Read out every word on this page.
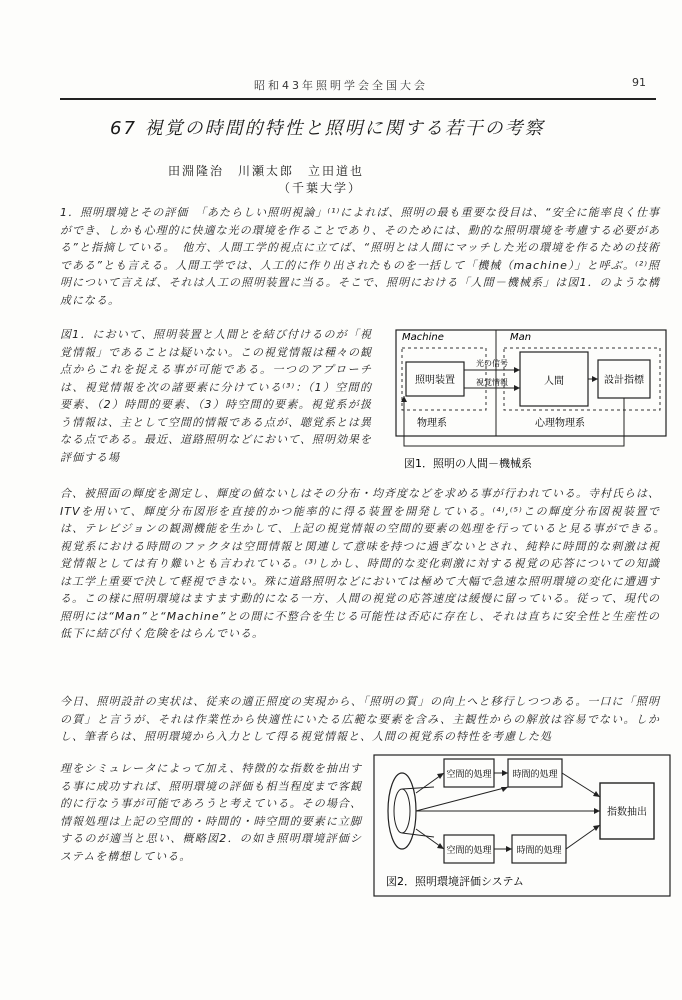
昭和43年照明学会全国大会	91
67 視覚の時間的特性と照明に関する若干の考察
田淵隆治　川瀬太郎　立田道也
（千葉大学）
1．照明環境とその評価　「あたらしい照明視論」⁽¹⁾によれば、照明の最も重要な役目は、“安全に能率良く仕事ができ、しかも心理的に快適な光の環境を作ることであり、そのためには、動的な照明環境を考慮する必要がある”と指摘している。　他方、人間工学的視点に立てば、“照明とは人間にマッチした光の環境を作るための技術である”とも言える。人間工学では、人工的に作り出されたものを一括して「機械（machine）」と呼ぶ。⁽²⁾照明について言えば、それは人工の照明装置に当る。そこで、照明における「人間－機械系」は図1．のような構成になる。
図1．において、照明装置と人間とを結び付けるのが「視覚情報」であることは疑いない。この視覚情報は種々の観点からこれを捉える事が可能である。一つのアプローチは、視覚情報を次の諸要素に分けている⁽³⁾：（1）空間的要素、（2）時間的要素、（3）時空間的要素。視覚系が扱う情報は、主として空間的情報である点が、聴覚系とは異なる点である。最近、道路照明などにおいて、照明効果を評価する場
合、被照面の輝度を測定し、輝度の値ないしはその分布・均斉度などを求める事が行われている。寺村氏らは、ITVを用いて、輝度分布図形を直接的かつ能率的に得る装置を開発している。⁽⁴⁾,⁽⁵⁾この輝度分布図視装置では、テレビジョンの観測機能を生かして、上記の視覚情報の空間的要素の処理を行っていると見る事ができる。　視覚系における時間のファクタは空間情報と関連して意味を持つに過ぎないとされ、純粋に時間的な刺激は視覚情報としては有り難いとも言われている。⁽³⁾しかし、時間的な変化刺激に対する視覚の応答についての知識は工学上重要で決して軽視できない。殊に道路照明などにおいては極めて大幅で急速な照明環境の変化に遭遇する。この様に照明環境はますます動的になる一方、人間の視覚の応答速度は緩慢に留っている。従って、現代の照明には“Man”と“Machine”との間に不整合を生じる可能性は否応に存在し、それは直ちに安全性と生産性の低下に結び付く危険をはらんでいる。
今日、照明設計の実状は、従来の適正照度の実現から、「照明の質」の向上へと移行しつつある。一口に「照明の質」と言うが、それは作業性から快適性にいたる広範な要素を含み、主観性からの解放は容易でない。しかし、筆者らは、照明環境から入力として得る視覚情報と、人間の視覚系の特性を考慮した処
理をシミュレータによって加え、特徴的な指数を抽出する事に成功すれば、照明環境の評価も相当程度まで客観的に行なう事が可能であろうと考えている。その場合、情報処理は上記の空間的・時間的・時空間的要素に立脚するのが適当と思い、概略図2．の如き照明環境評価システムを構想している。
Machine	Man
照明装置	人間	設計指標
光の信号
視覚情報
物理系	心理物理系
図1．照明の人間－機械系
空間的処理 時間的処理
空間的処理	時間的処理
指数抽出
図2．照明環境評価システム
